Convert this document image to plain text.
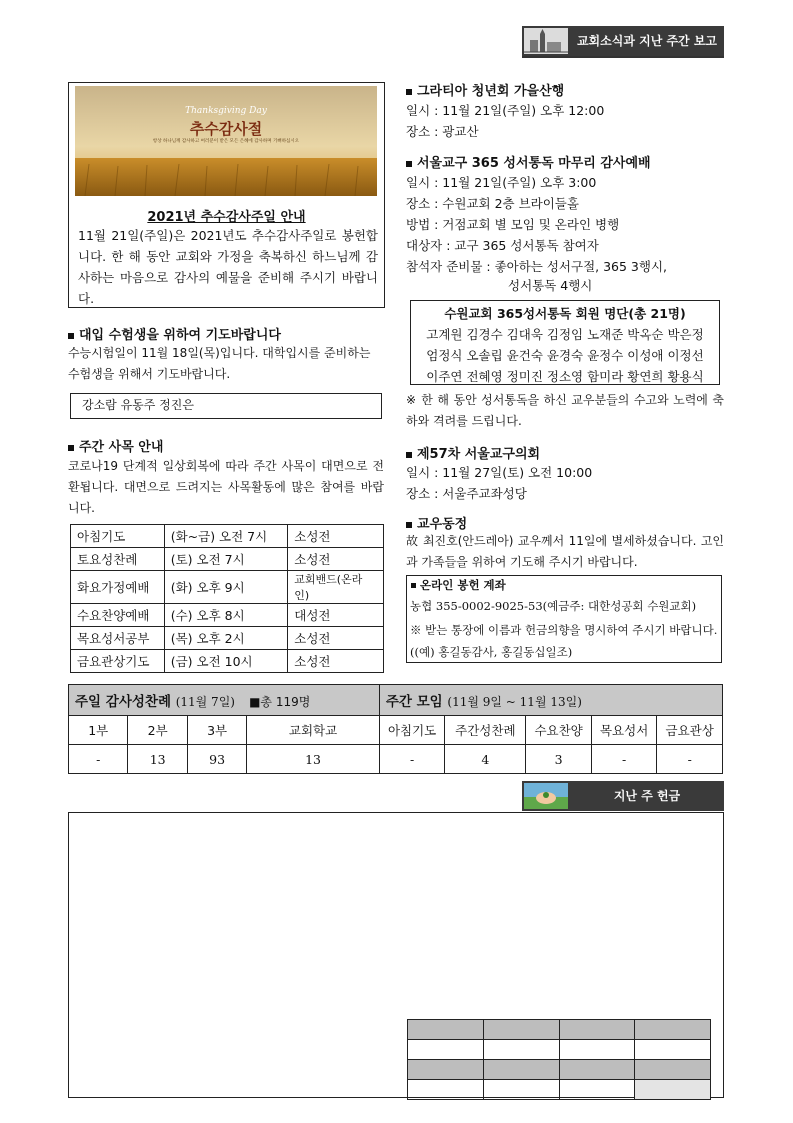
교회소식과 지난 주간 보고
Thanksgiving Day
추수감사절
항상 하나님께 감사하고 여러분이 받은 모든 은혜에 감사하며 기뻐하십시오
2021년 추수감사주일 안내
11월 21일(주일)은 2021년도 추수감사주일로 봉헌합니다. 한 해 동안 교회와 가정을 축복하신 하느님께 감사하는 마음으로 감사의 예물을 준비해 주시기 바랍니다.
대입 수험생을 위하여 기도바랍니다
수능시험일이 11월 18일(목)입니다. 대학입시를 준비하는 수험생을 위해서 기도바랍니다.
강소람 유동주 정진은
주간 사목 안내
코로나19 단계적 일상회복에 따라 주간 사목이 대면으로 전환됩니다. 대면으로 드려지는 사목활동에 많은 참여를 바랍니다.
아침기도	(화~금) 오전 7시	소성전
토요성찬례	(토) 오전 7시	소성전
화요가정예배	(화) 오후 9시	교회밴드(온라인)
수요찬양예배	(수) 오후 8시	대성전
목요성서공부	(목) 오후 2시	소성전
금요관상기도	(금) 오전 10시	소성전
그라티아 청년회 가을산행
일시 : 11월 21일(주일) 오후 12:00
장소 : 광교산
서울교구 365 성서통독 마무리 감사예배
일시 : 11월 21일(주일) 오후 3:00
장소 : 수원교회 2층 브라이들홀
방법 : 거점교회 별 모임 및 온라인 병행
대상자 : 교구 365 성서통독 참여자
참석자 준비물 : 좋아하는 성서구절, 365 3행시,
성서통독 4행시
수원교회 365성서통독 회원 명단(총 21명)
고계원 김경수 김대욱 김정임 노재준 박옥순 박은정
엄정식 오솔립 윤건숙 윤경숙 윤정수 이성애 이정선
이주연 전혜영 정미진 정소영 함미라 황연희 황용식
※ 한 해 동안 성서통독을 하신 교우분들의 수고와 노력에 축하와 격려를 드립니다.
제57차 서울교구의회
일시 : 11월 27일(토) 오전 10:00
장소 : 서울주교좌성당
교우동정
故 최진호(안드레아) 교우께서 11일에 별세하셨습니다. 고인과 가족들을 위하여 기도해 주시기 바랍니다.
온라인 봉헌 계좌
농협 355-0002-9025-53(예금주: 대한성공회 수원교회)
※ 받는 통장에 이름과 헌금의향을 명시하여 주시기 바랍니다.((예) 홍길동감사, 홍길동십일조)
주일 감사성찬례 (11월 7일) ■총 119명				주간 모임 (11월 9일 ~ 11월 13일)				
1부	2부	3부	교회학교	아침기도	주간성찬례	수요찬양	목요성서	금요관상
-	13	93	13	-	4	3	-	-
지난 주 헌금
